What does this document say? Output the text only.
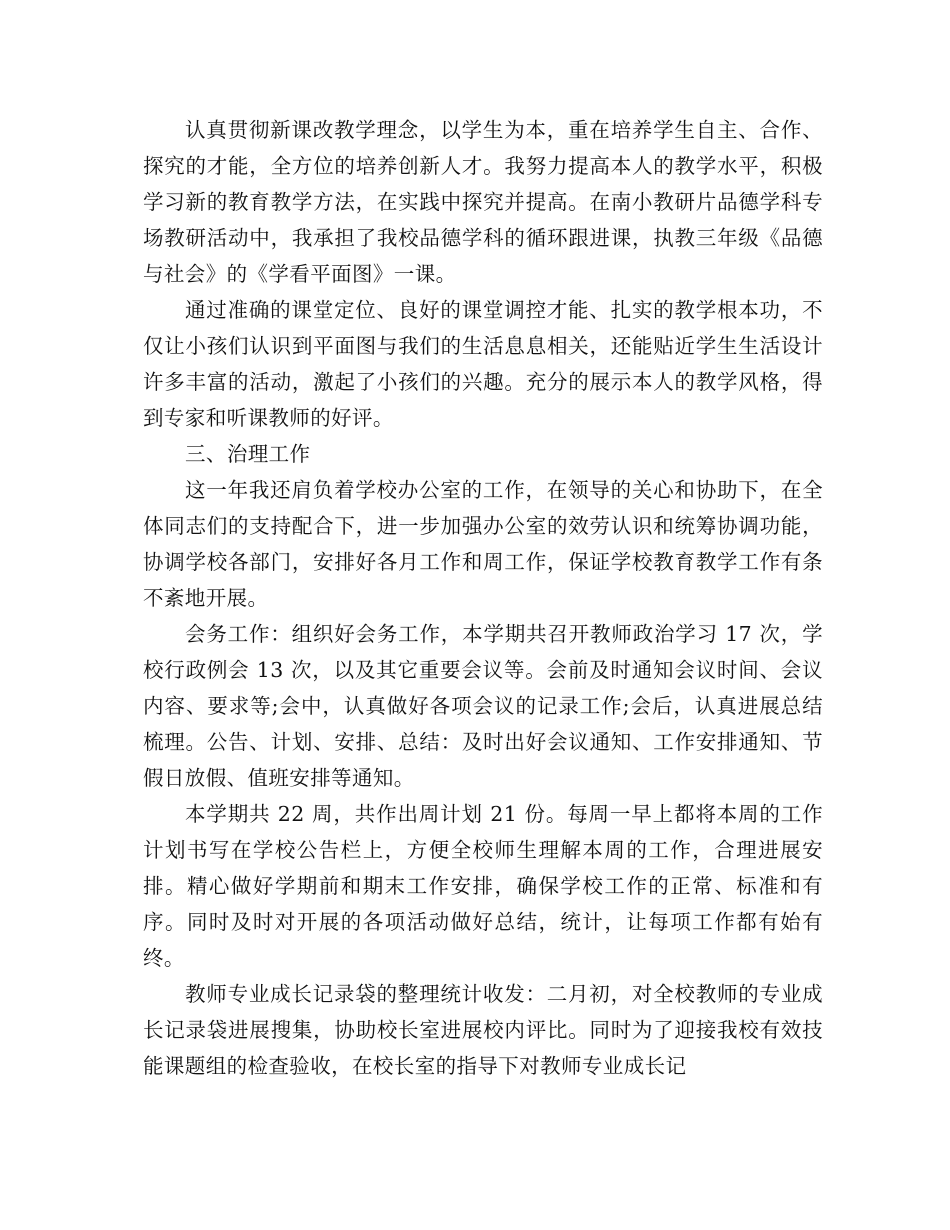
认真贯彻新课改教学理念，以学生为本，重在培养学生自主、合作、探究的才能，全方位的培养创新人才。我努力提高本人的教学水平，积极学习新的教育教学方法，在实践中探究并提高。在南小教研片品德学科专场教研活动中，我承担了我校品德学科的循环跟进课，执教三年级《品德与社会》的《学看平面图》一课。

通过准确的课堂定位、良好的课堂调控才能、扎实的教学根本功，不仅让小孩们认识到平面图与我们的生活息息相关，还能贴近学生生活设计许多丰富的活动，激起了小孩们的兴趣。充分的展示本人的教学风格，得到专家和听课教师的好评。

三、治理工作

这一年我还肩负着学校办公室的工作，在领导的关心和协助下，在全体同志们的支持配合下，进一步加强办公室的效劳认识和统筹协调功能，协调学校各部门，安排好各月工作和周工作，保证学校教育教学工作有条不紊地开展。

会务工作：组织好会务工作，本学期共召开教师政治学习 17 次，学校行政例会 13 次，以及其它重要会议等。会前及时通知会议时间、会议内容、要求等;会中，认真做好各项会议的记录工作;会后，认真进展总结梳理。公告、计划、安排、总结：及时出好会议通知、工作安排通知、节假日放假、值班安排等通知。

本学期共 22 周，共作出周计划 21 份。每周一早上都将本周的工作计划书写在学校公告栏上，方便全校师生理解本周的工作，合理进展安排。精心做好学期前和期末工作安排，确保学校工作的正常、标准和有序。同时及时对开展的各项活动做好总结，统计，让每项工作都有始有终。

教师专业成长记录袋的整理统计收发：二月初，对全校教师的专业成长记录袋进展搜集，协助校长室进展校内评比。同时为了迎接我校有效技能课题组的检查验收，在校长室的指导下对教师专业成长记
